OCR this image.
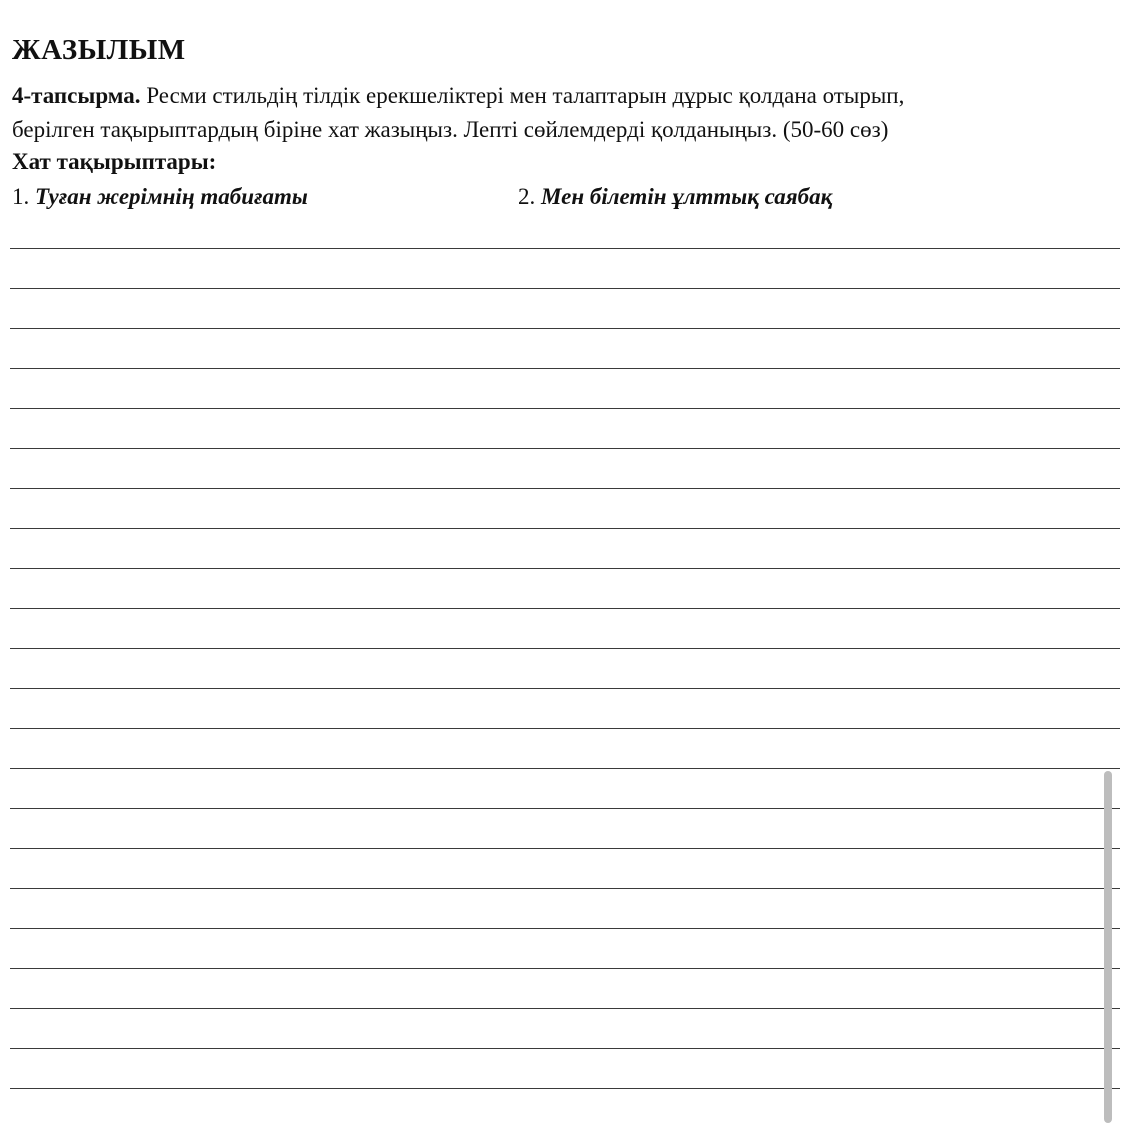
ЖАЗЫЛЫМ

4-тапсырма. Ресми стильдің тілдік ерекшеліктері мен талаптарын дұрыс қолдана отырып,

берілген тақырыптардың біріне хат жазыңыз. Лепті сөйлемдерді қолданыңыз. (50-60 сөз)

Хат тақырыптары:

1. Туған жерімнің табиғаты	2. Мен білетін ұлттық саябақ
